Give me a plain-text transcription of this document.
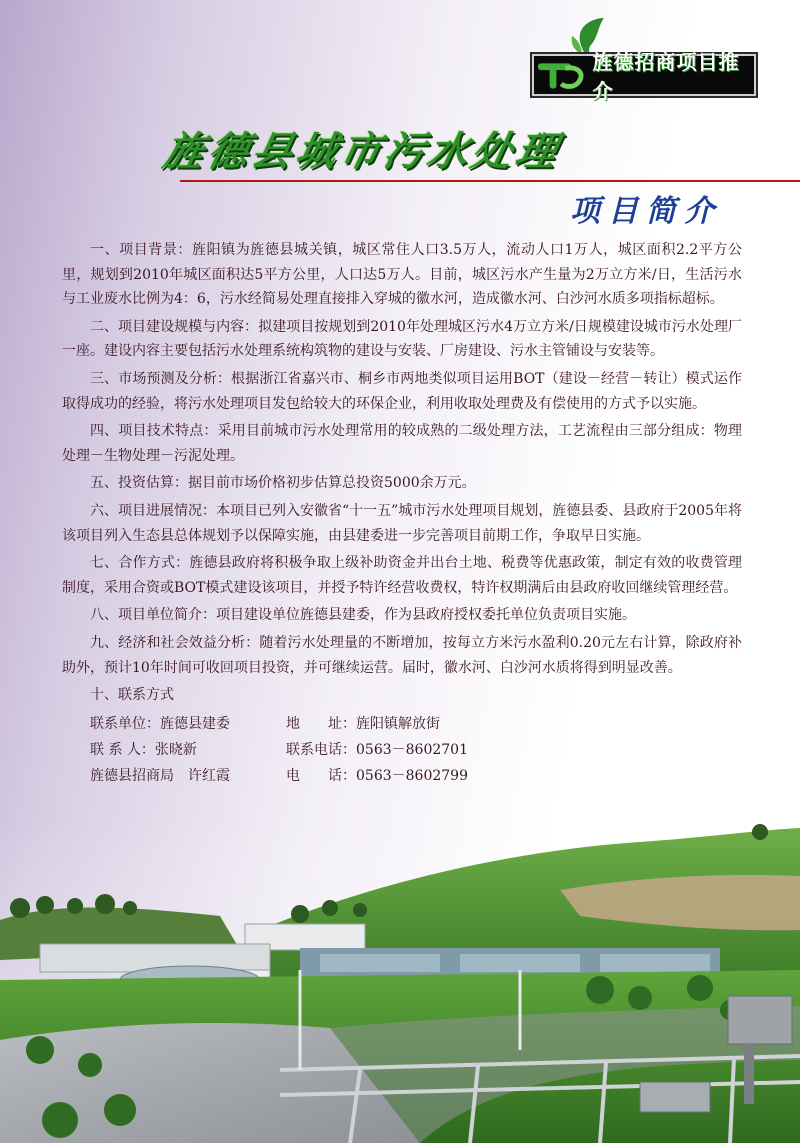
旌德招商项目推介
旌德县城市污水处理
项目简介

一、项目背景：旌阳镇为旌德县城关镇，城区常住人口3.5万人，流动人口1万人，城区面积2.2平方公里，规划到2010年城区面积达5平方公里，人口达5万人。目前，城区污水产生量为2万立方米/日，生活污水与工业废水比例为4：6，污水经简易处理直接排入穿城的徽水河，造成徽水河、白沙河水质多项指标超标。

二、项目建设规模与内容：拟建项目按规划到2010年处理城区污水4万立方米/日规模建设城市污水处理厂一座。建设内容主要包括污水处理系统构筑物的建设与安装、厂房建设、污水主管铺设与安装等。

三、市场预测及分析：根据浙江省嘉兴市、桐乡市两地类似项目运用BOT（建设－经营－转让）模式运作取得成功的经验，将污水处理项目发包给较大的环保企业，利用收取处理费及有偿使用的方式予以实施。

四、项目技术特点：采用目前城市污水处理常用的较成熟的二级处理方法，工艺流程由三部分组成：物理处理－生物处理－污泥处理。

五、投资估算：据目前市场价格初步估算总投资5000余万元。

六、项目进展情况：本项目已列入安徽省“十一五”城市污水处理项目规划，旌德县委、县政府于2005年将该项目列入生态县总体规划予以保障实施，由县建委进一步完善项目前期工作，争取早日实施。

七、合作方式：旌德县政府将积极争取上级补助资金并出台土地、税费等优惠政策，制定有效的收费管理制度，采用合资或BOT模式建设该项目，并授予特许经营收费权，特许权期满后由县政府收回继续管理经营。

八、项目单位简介：项目建设单位旌德县建委，作为县政府授权委托单位负责项目实施。

九、经济和社会效益分析：随着污水处理量的不断增加，按每立方米污水盈利0.20元左右计算，除政府补助外，预计10年时间可收回项目投资，并可继续运营。届时，徽水河、白沙河水质将得到明显改善。

十、联系方式

联系单位：旌德县建委	地　　址：旌阳镇解放街
联 系 人：张晓新	联系电话：0563－8602701
旌德县招商局　许红霞	电　　话：0563－8602799
